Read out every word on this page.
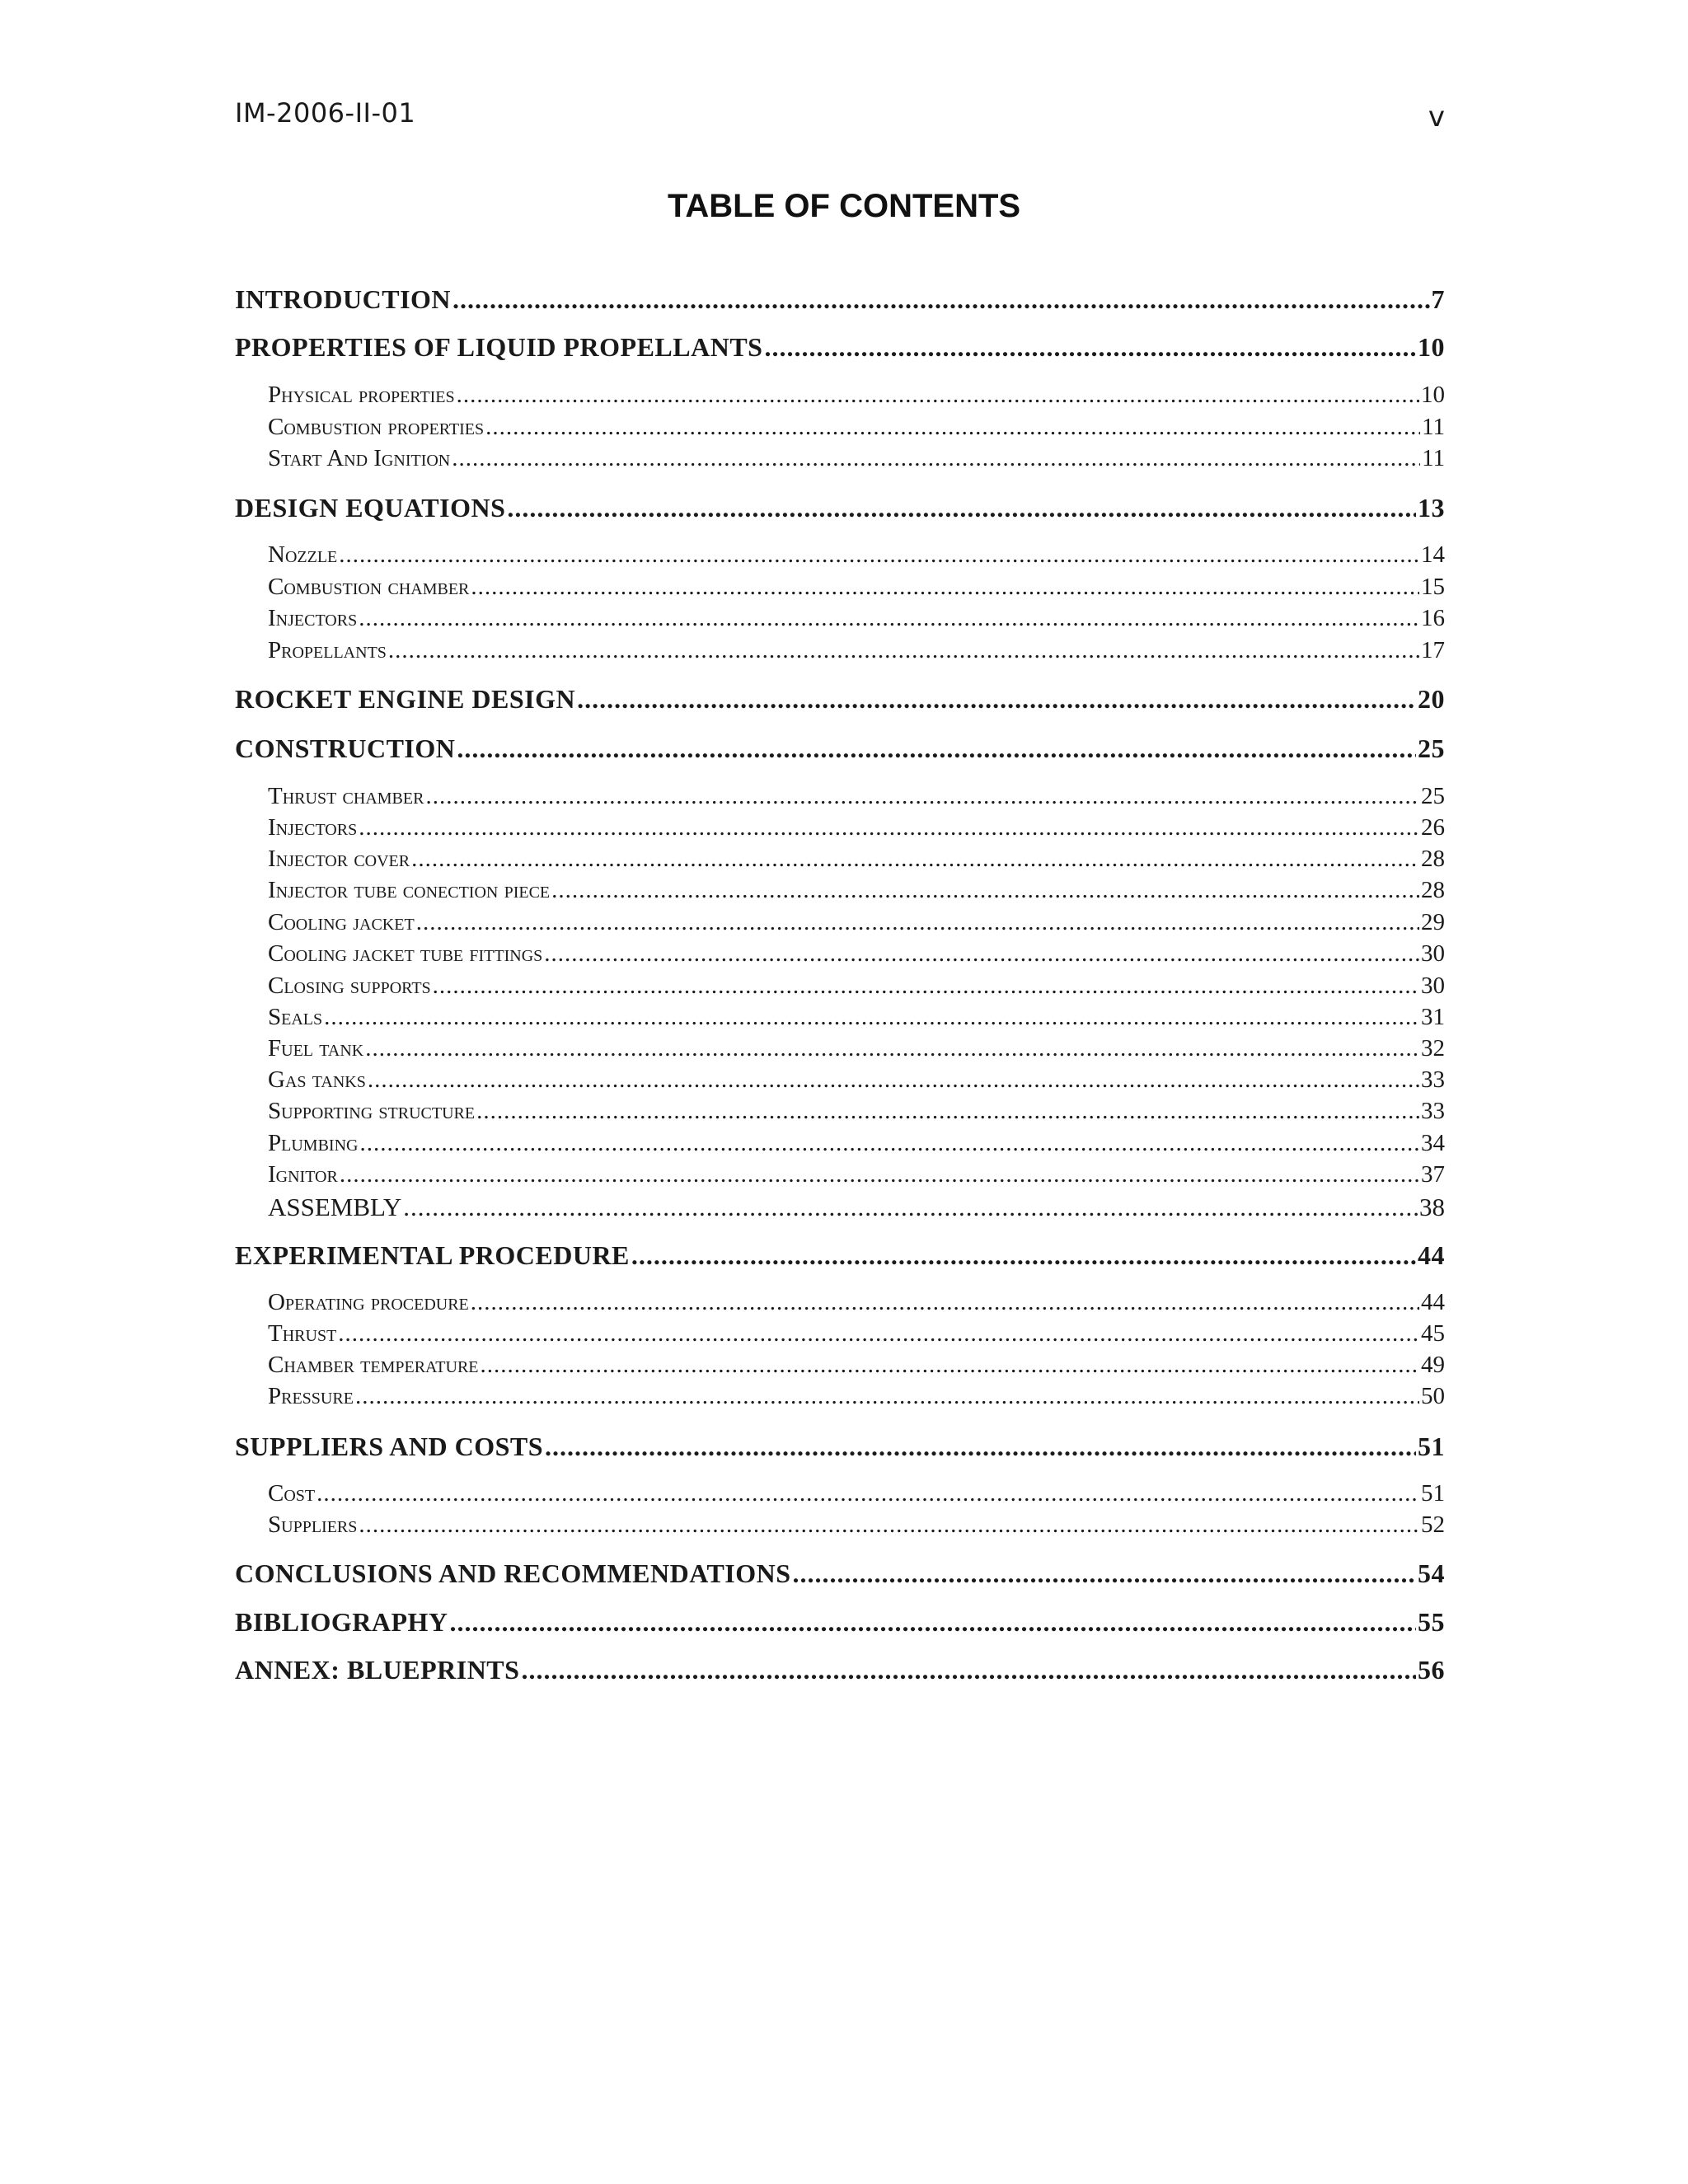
IM-2006-II-01	v
TABLE OF CONTENTS
INTRODUCTION .....	7
PROPERTIES OF LIQUID PROPELLANTS .....	10
Physical properties .....	10
Combustion properties .....	11
Start And Ignition .....	11
DESIGN EQUATIONS .....	13
Nozzle .....	14
Combustion chamber .....	15
Injectors .....	16
Propellants .....	17
ROCKET ENGINE DESIGN .....	20
CONSTRUCTION .....	25
Thrust chamber .....	25
Injectors .....	26
Injector cover .....	28
Injector tube conection piece .....	28
Cooling jacket .....	29
Cooling jacket tube fittings .....	30
Closing supports .....	30
Seals .....	31
Fuel tank .....	32
Gas tanks .....	33
Supporting structure .....	33
Plumbing .....	34
Ignitor .....	37
ASSEMBLY .....	38
EXPERIMENTAL PROCEDURE .....	44
Operating procedure .....	44
Thrust .....	45
Chamber temperature .....	49
Pressure .....	50
SUPPLIERS AND COSTS .....	51
Cost .....	51
Suppliers .....	52
CONCLUSIONS AND RECOMMENDATIONS .....	54
BIBLIOGRAPHY .....	55
ANNEX: BLUEPRINTS .....	56
